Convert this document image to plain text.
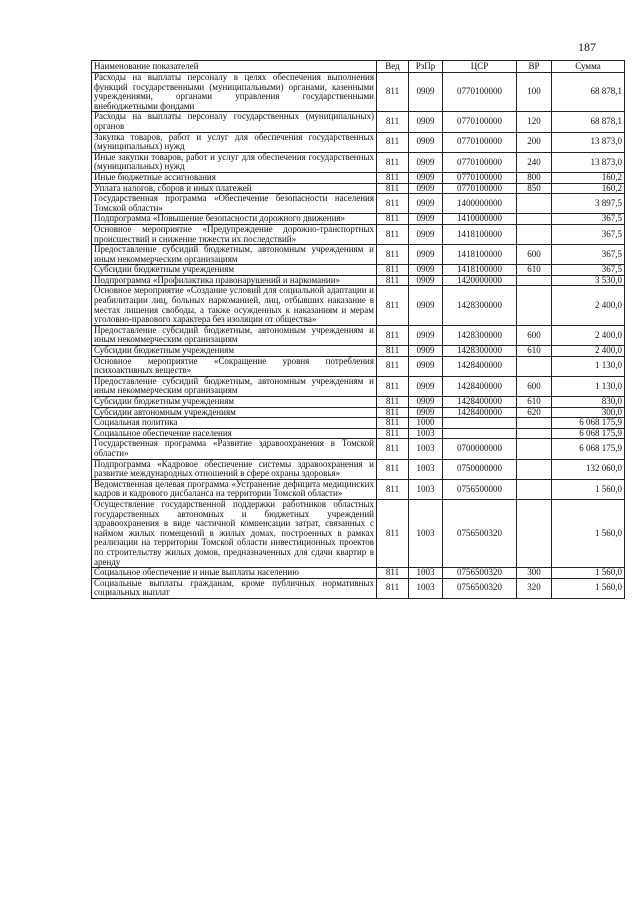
187
Наименование показателей	Вед	РзПр	ЦСР	ВР	Сумма
Расходы на выплаты персоналу в целях обеспечения выполнения функций государственными (муниципальными) органами, казенными учреждениями, органами управления государственными внебюджетными фондами	811	0909	0770100000	100	68 878,1
Расходы на выплаты персоналу государственных (муниципальных) органов	811	0909	0770100000	120	68 878,1
Закупка товаров, работ и услуг для обеспечения государственных (муниципальных) нужд	811	0909	0770100000	200	13 873,0
Иные закупки товаров, работ и услуг для обеспечения государственных (муниципальных) нужд	811	0909	0770100000	240	13 873,0
Иные бюджетные ассигнования	811	0909	0770100000	800	160,2
Уплата налогов, сборов и иных платежей	811	0909	0770100000	850	160,2
Государственная программа «Обеспечение безопасности населения Томской области»	811	0909	1400000000		3 897,5
Подпрограмма «Повышение безопасности дорожного движения»	811	0909	1410000000		367,5
Основное мероприятие «Предупреждение дорожно-транспортных происшествий и снижение тяжести их последствий»	811	0909	1418100000		367,5
Предоставление субсидий бюджетным, автономным учреждениям и иным некоммерческим организациям	811	0909	1418100000	600	367,5
Субсидии бюджетным учреждениям	811	0909	1418100000	610	367,5
Подпрограмма «Профилактика правонарушений и наркомании»	811	0909	1420000000		3 530,0
Основное мероприятие «Создание условий для социальной адаптации и реабилитации лиц, больных наркоманией, лиц, отбывших наказание в местах лишения свободы, а также осужденных к наказаниям и мерам уголовно-правового характера без изоляции от общества»	811	0909	1428300000		2 400,0
Предоставление субсидий бюджетным, автономным учреждениям и иным некоммерческим организациям	811	0909	1428300000	600	2 400,0
Субсидии бюджетным учреждениям	811	0909	1428300000	610	2 400,0
Основное мероприятие «Сокращение уровня потребления психоактивных веществ»	811	0909	1428400000		1 130,0
Предоставление субсидий бюджетным, автономным учреждениям и иным некоммерческим организациям	811	0909	1428400000	600	1 130,0
Субсидии бюджетным учреждениям	811	0909	1428400000	610	830,0
Субсидии автономным учреждениям	811	0909	1428400000	620	300,0
Социальная политика	811	1000			6 068 175,9
Социальное обеспечение населения	811	1003			6 068 175,9
Государственная программа «Развитие здравоохранения в Томской области»	811	1003	0700000000		6 068 175,9
Подпрограмма «Кадровое обеспечение системы здравоохранения и развитие международных отношений в сфере охраны здоровья»	811	1003	0750000000		132 060,0
Ведомственная целевая программа «Устранение дефицита медицинских кадров и кадрового дисбаланса на территории Томской области»	811	1003	0756500000		1 560,0
Осуществление государственной поддержки работников областных государственных автономных и бюджетных учреждений здравоохранения в виде частичной компенсации затрат, связанных с наймом жилых помещений в жилых домах, построенных в рамках реализации на территории Томской области инвестиционных проектов по строительству жилых домов, предназначенных для сдачи квартир в аренду	811	1003	0756500320		1 560,0
Социальное обеспечение и иные выплаты населению	811	1003	0756500320	300	1 560,0
Социальные выплаты гражданам, кроме публичных нормативных социальных выплат	811	1003	0756500320	320	1 560,0
